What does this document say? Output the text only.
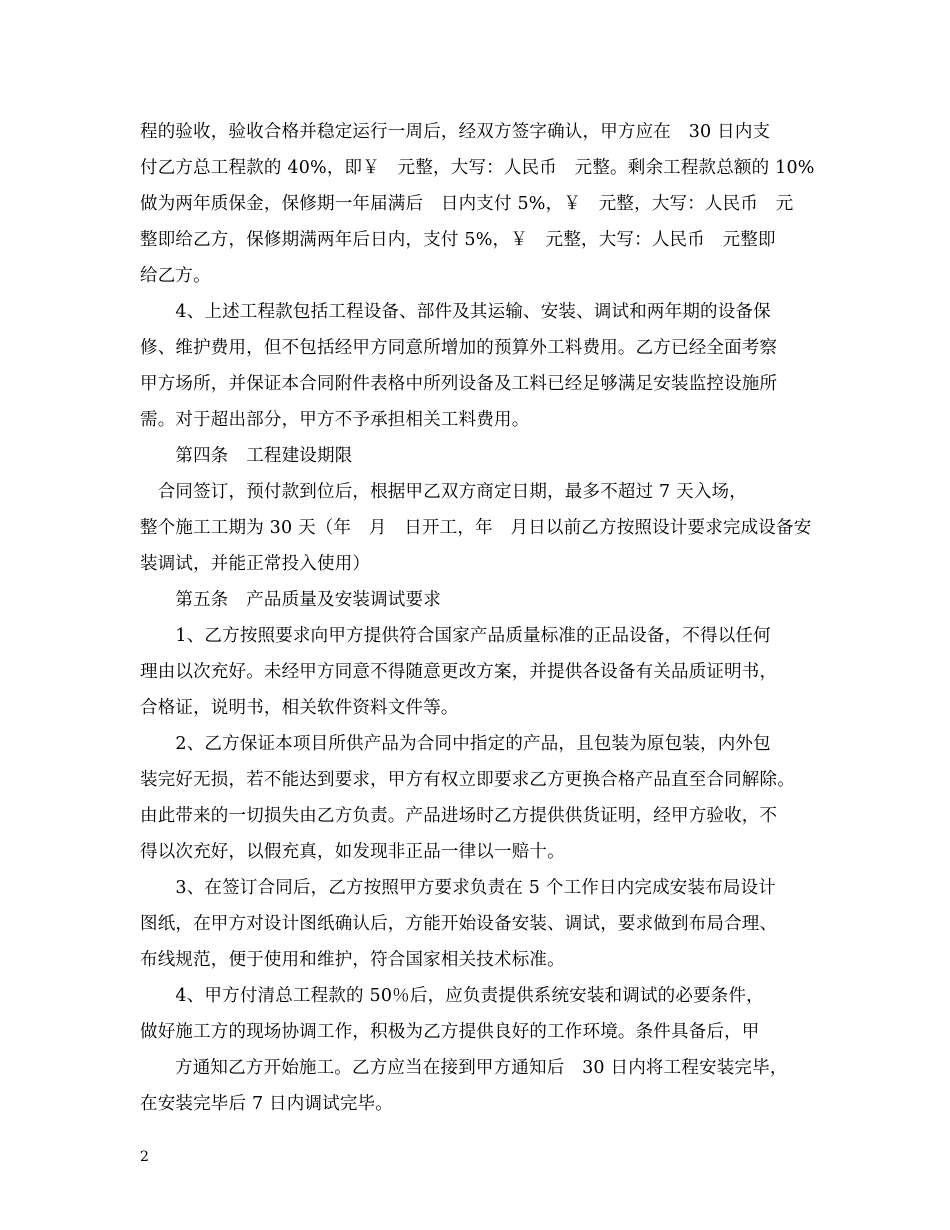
程的验收，验收合格并稳定运行一周后，经双方签字确认，甲方应在　30 日内支
付乙方总工程款的 40%，即￥　元整，大写：人民币　元整。剩余工程款总额的 10%
做为两年质保金，保修期一年届满后　日内支付 5%，￥　元整，大写：人民币　元
整即给乙方，保修期满两年后日内，支付 5%，￥　元整，大写：人民币　元整即
给乙方。
　　4、上述工程款包括工程设备、部件及其运输、安装、调试和两年期的设备保
修、维护费用，但不包括经甲方同意所增加的预算外工料费用。乙方已经全面考察
甲方场所，并保证本合同附件表格中所列设备及工料已经足够满足安装监控设施所
需。对于超出部分，甲方不予承担相关工料费用。
　　第四条　工程建设期限
　合同签订，预付款到位后，根据甲乙双方商定日期，最多不超过 7 天入场，
整个施工工期为 30 天（年　月　日开工，年　月日以前乙方按照设计要求完成设备安
装调试，并能正常投入使用）
　　第五条　产品质量及安装调试要求
　　1、乙方按照要求向甲方提供符合国家产品质量标准的正品设备，不得以任何
理由以次充好。未经甲方同意不得随意更改方案，并提供各设备有关品质证明书，
合格证，说明书，相关软件资料文件等。
　　2、乙方保证本项目所供产品为合同中指定的产品，且包装为原包装，内外包
装完好无损，若不能达到要求，甲方有权立即要求乙方更换合格产品直至合同解除。
由此带来的一切损失由乙方负责。产品进场时乙方提供供货证明，经甲方验收，不
得以次充好，以假充真，如发现非正品一律以一赔十。
　　3、在签订合同后，乙方按照甲方要求负责在 5 个工作日内完成安装布局设计
图纸，在甲方对设计图纸确认后，方能开始设备安装、调试，要求做到布局合理、
布线规范，便于使用和维护，符合国家相关技术标准。
　　4、甲方付清总工程款的 50％后，应负责提供系统安装和调试的必要条件，
做好施工方的现场协调工作，积极为乙方提供良好的工作环境。条件具备后，甲
方通知乙方开始施工。乙方应当在接到甲方通知后　30 日内将工程安装完毕，
在安装完毕后 7 日内调试完毕。
2
